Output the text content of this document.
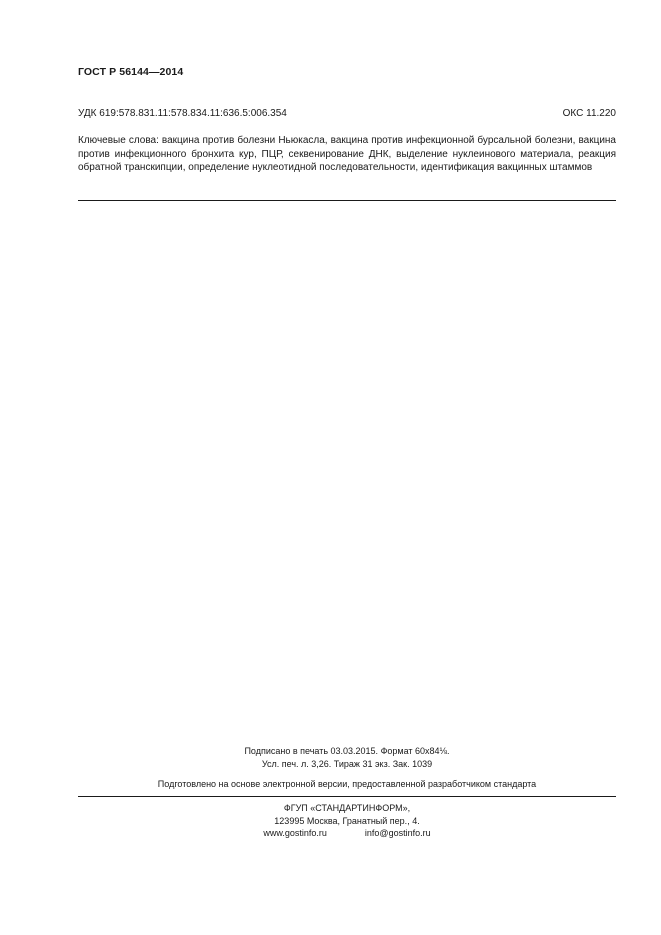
ГОСТ Р 56144—2014
УДК 619:578.831.11:578.834.11:636.5:006.354	ОКС 11.220
Ключевые слова: вакцина против болезни Ньюкасла, вакцина против инфекционной бурсальной болезни, вакцина против инфекционного бронхита кур, ПЦР, секвенирование ДНК, выделение нуклеинового материала, реакция обратной транскипции, определение нуклеотидной последовательности, идентификация вакцинных штаммов
Подписано в печать 03.03.2015. Формат 60х84⅛.
Усл. печ. л. 3,26. Тираж 31 экз. Зак. 1039
Подготовлено на основе электронной версии, предоставленной разработчиком стандарта
ФГУП «СТАНДАРТИНФОРМ»,
123995 Москва, Гранатный пер., 4.
www.gostinfo.ru	info@gostinfo.ru
